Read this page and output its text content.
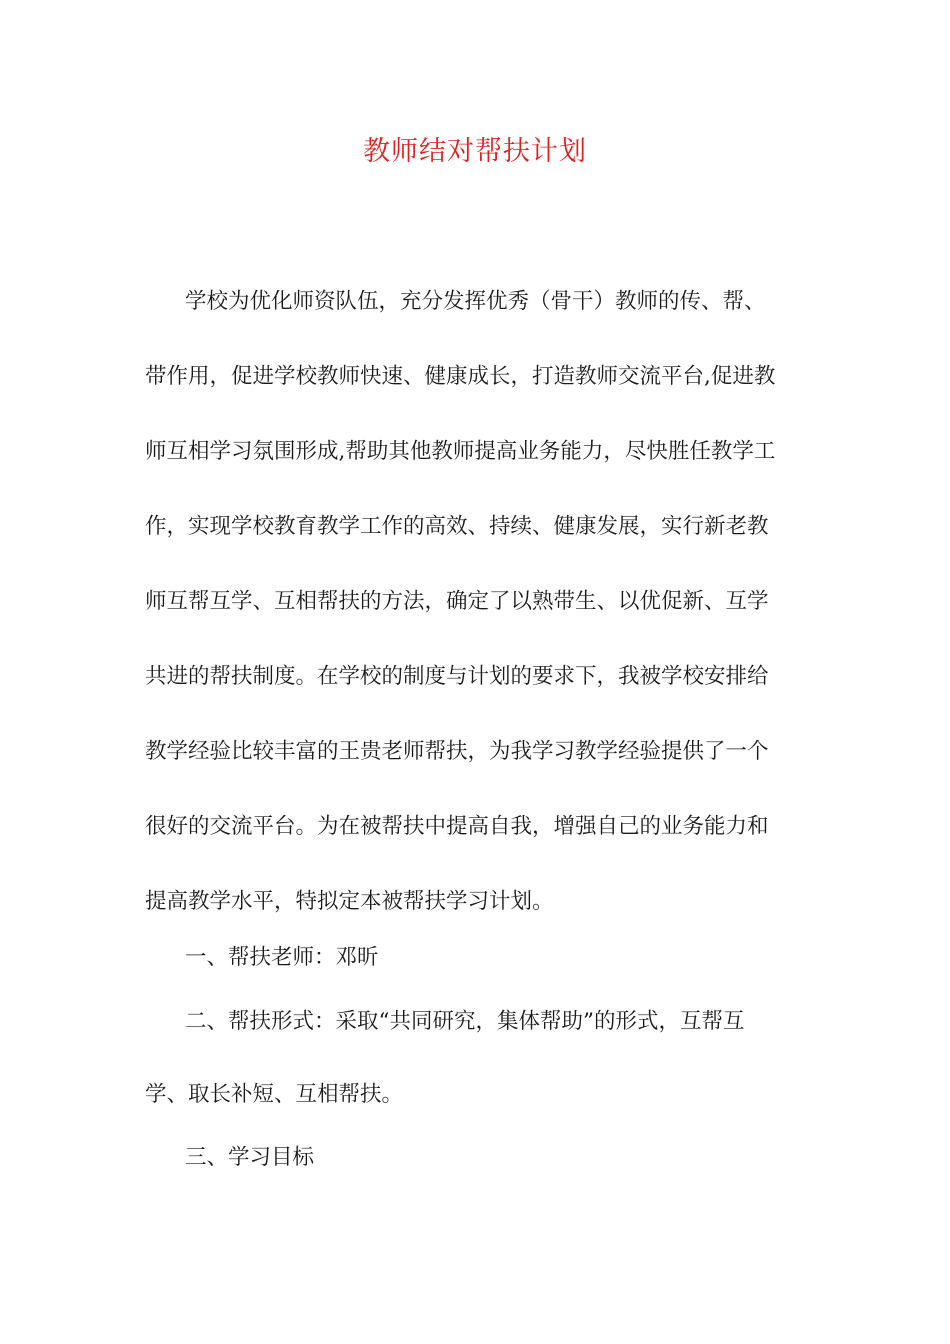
教师结对帮扶计划
学校为优化师资队伍，充分发挥优秀（骨干）教师的传、帮、
带作用，促进学校教师快速、健康成长，打造教师交流平台,促进教
师互相学习氛围形成,帮助其他教师提高业务能力，尽快胜任教学工
作，实现学校教育教学工作的高效、持续、健康发展，实行新老教
师互帮互学、互相帮扶的方法，确定了以熟带生、以优促新、互学
共进的帮扶制度。在学校的制度与计划的要求下，我被学校安排给
教学经验比较丰富的王贵老师帮扶，为我学习教学经验提供了一个
很好的交流平台。为在被帮扶中提高自我，增强自己的业务能力和
提高教学水平，特拟定本被帮扶学习计划。
一、帮扶老师：邓昕
二、帮扶形式：采取“共同研究，集体帮助”的形式，互帮互
学、取长补短、互相帮扶。
三、学习目标
